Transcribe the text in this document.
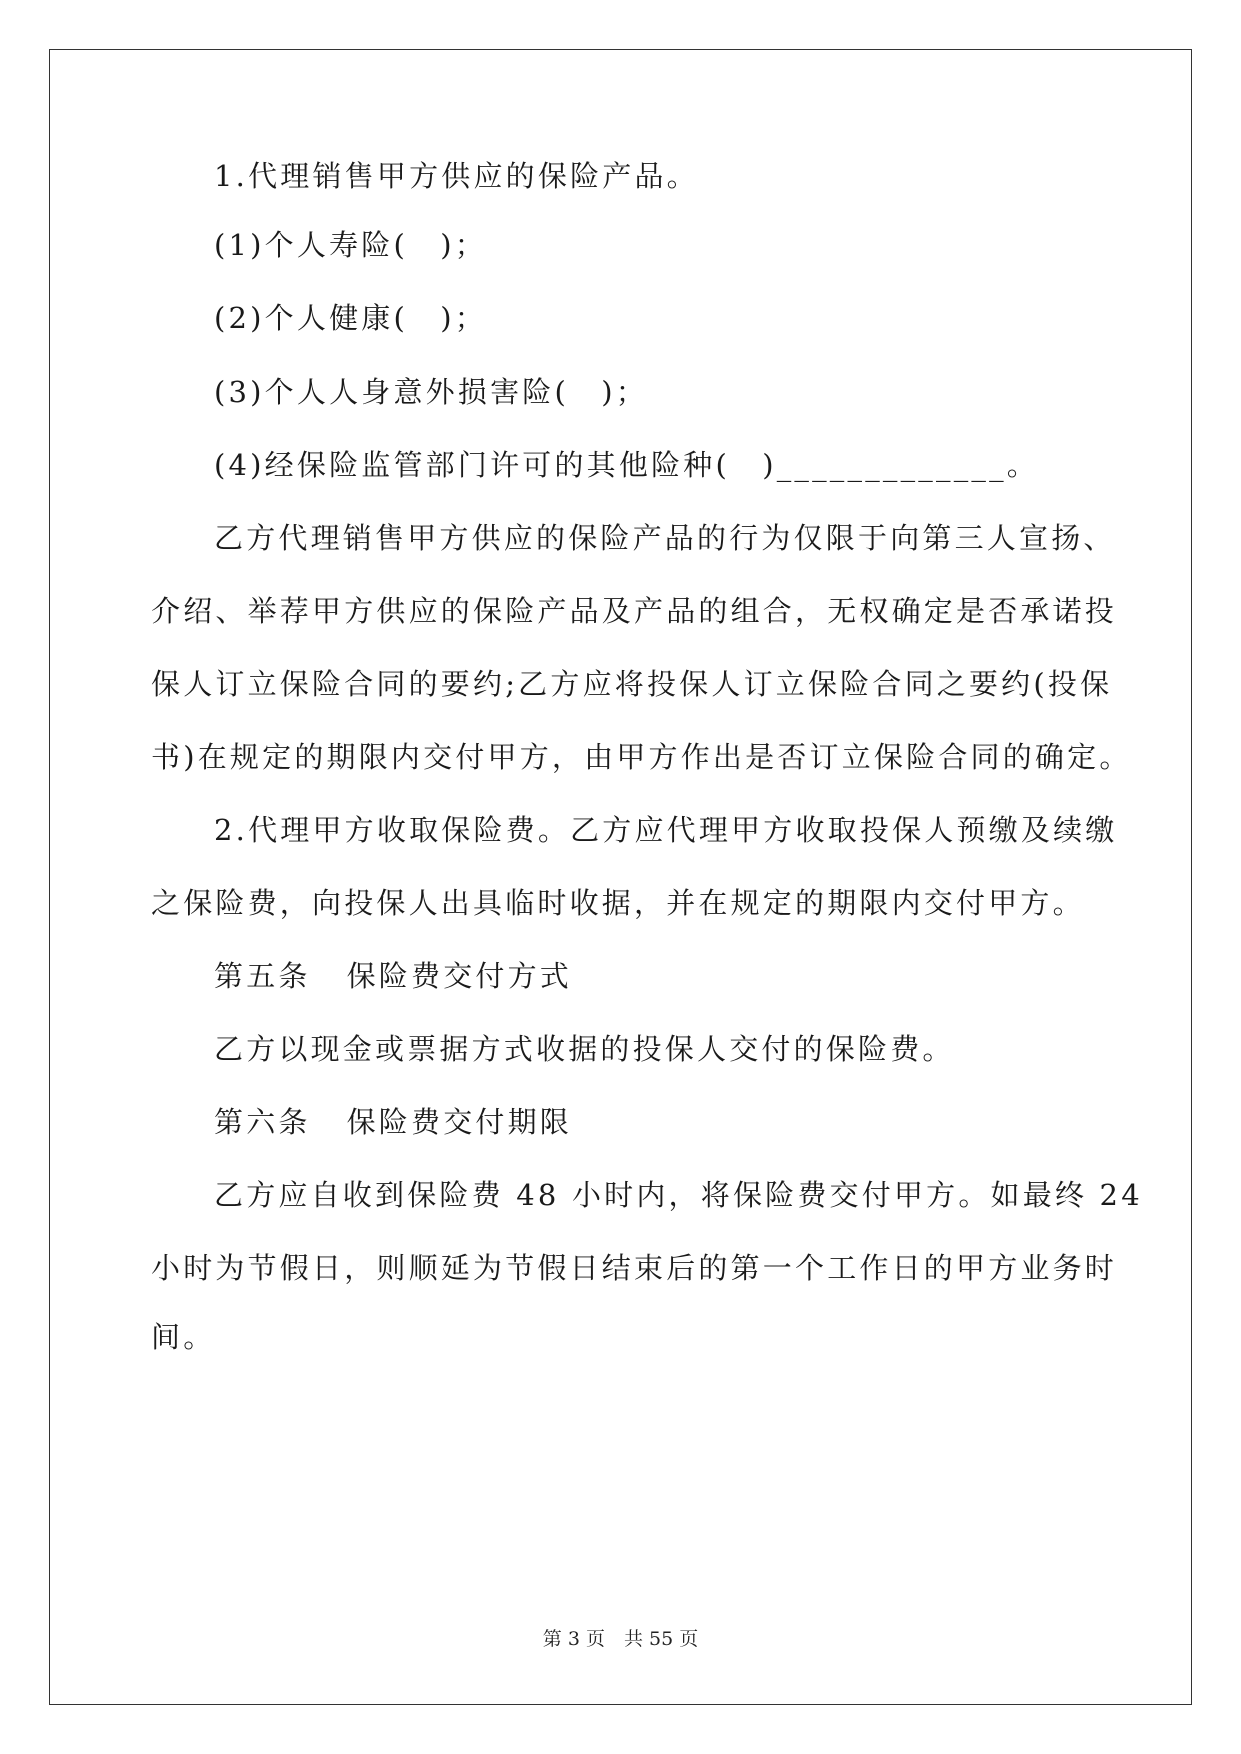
1.代理销售甲方供应的保险产品。
(1)个人寿险(　)；
(2)个人健康(　)；
(3)个人人身意外损害险(　)；
(4)经保险监管部门许可的其他险种(　)_____________。
乙方代理销售甲方供应的保险产品的行为仅限于向第三人宣扬、
介绍、举荐甲方供应的保险产品及产品的组合，无权确定是否承诺投
保人订立保险合同的要约;乙方应将投保人订立保险合同之要约(投保
书)在规定的期限内交付甲方，由甲方作出是否订立保险合同的确定。
2.代理甲方收取保险费。乙方应代理甲方收取投保人预缴及续缴
之保险费，向投保人出具临时收据，并在规定的期限内交付甲方。
第五条 保险费交付方式
乙方以现金或票据方式收据的投保人交付的保险费。
第六条 保险费交付期限
乙方应自收到保险费 48 小时内，将保险费交付甲方。如最终 24
小时为节假日，则顺延为节假日结束后的第一个工作日的甲方业务时
间。
第 3 页　共 55 页
